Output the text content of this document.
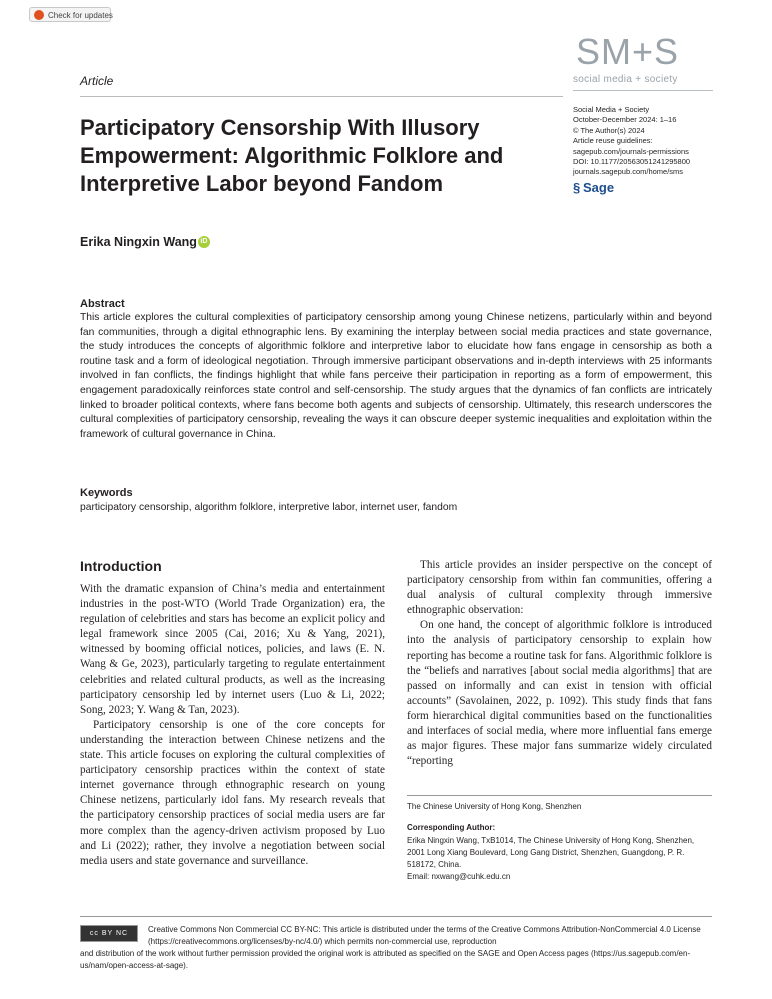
Check for updates
SM+S
social media + society
Article
Participatory Censorship With Illusory Empowerment: Algorithmic Folklore and Interpretive Labor beyond Fandom
Social Media + Society
October-December 2024: 1–16
© The Author(s) 2024
Article reuse guidelines:
sagepub.com/journals-permissions
DOI: 10.1177/20563051241295800
journals.sagepub.com/home/sms
§ Sage
Erika Ningxin Wang iD
Abstract
This article explores the cultural complexities of participatory censorship among young Chinese netizens, particularly within and beyond fan communities, through a digital ethnographic lens. By examining the interplay between social media practices and state governance, the study introduces the concepts of algorithmic folklore and interpretive labor to elucidate how fans engage in censorship as both a routine task and a form of ideological negotiation. Through immersive participant observations and in-depth interviews with 25 informants involved in fan conflicts, the findings highlight that while fans perceive their participation in reporting as a form of empowerment, this engagement paradoxically reinforces state control and self-censorship. The study argues that the dynamics of fan conflicts are intricately linked to broader political contexts, where fans become both agents and subjects of censorship. Ultimately, this research underscores the cultural complexities of participatory censorship, revealing the ways it can obscure deeper systemic inequalities and exploitation within the framework of cultural governance in China.
Keywords
participatory censorship, algorithm folklore, interpretive labor, internet user, fandom
Introduction

With the dramatic expansion of China’s media and entertainment industries in the post-WTO (World Trade Organization) era, the regulation of celebrities and stars has become an explicit policy and legal framework since 2005 (Cai, 2016; Xu & Yang, 2021), witnessed by booming official notices, policies, and laws (E. N. Wang & Ge, 2023), particularly targeting to regulate entertainment celebrities and related cultural products, as well as the increasing participatory censorship led by internet users (Luo & Li, 2022; Song, 2023; Y. Wang & Tan, 2023).

Participatory censorship is one of the core concepts for understanding the interaction between Chinese netizens and the state. This article focuses on exploring the cultural complexities of participatory censorship practices within the context of state internet governance through ethnographic research on young Chinese netizens, particularly idol fans. My research reveals that the participatory censorship practices of social media users are far more complex than the agency-driven activism proposed by Luo and Li (2022); rather, they involve a negotiation between social media users and state governance and surveillance.

This article provides an insider perspective on the concept of participatory censorship from within fan communities, offering a dual analysis of cultural complexity through immersive ethnographic observation:

On one hand, the concept of algorithmic folklore is introduced into the analysis of participatory censorship to explain how reporting has become a routine task for fans. Algorithmic folklore is the “beliefs and narratives [about social media algorithms] that are passed on informally and can exist in tension with official accounts” (Savolainen, 2022, p. 1092). This study finds that fans form hierarchical digital communities based on the functionalities and interfaces of social media, where more influential fans emerge as major figures. These major fans summarize widely circulated “reporting

The Chinese University of Hong Kong, Shenzhen
Corresponding Author:
Erika Ningxin Wang, TxB1014, The Chinese University of Hong Kong, Shenzhen, 2001 Long Xiang Boulevard, Long Gang District, Shenzhen, Guangdong, P. R. 518172, China.
Email: nxwang@cuhk.edu.cn
cc BY NC	Creative Commons Non Commercial CC BY-NC: This article is distributed under the terms of the Creative Commons Attribution-NonCommercial 4.0 License (https://creativecommons.org/licenses/by-nc/4.0/) which permits non-commercial use, reproduction
and distribution of the work without further permission provided the original work is attributed as specified on the SAGE and Open Access pages (https://us.sagepub.com/en-us/nam/open-access-at-sage).
